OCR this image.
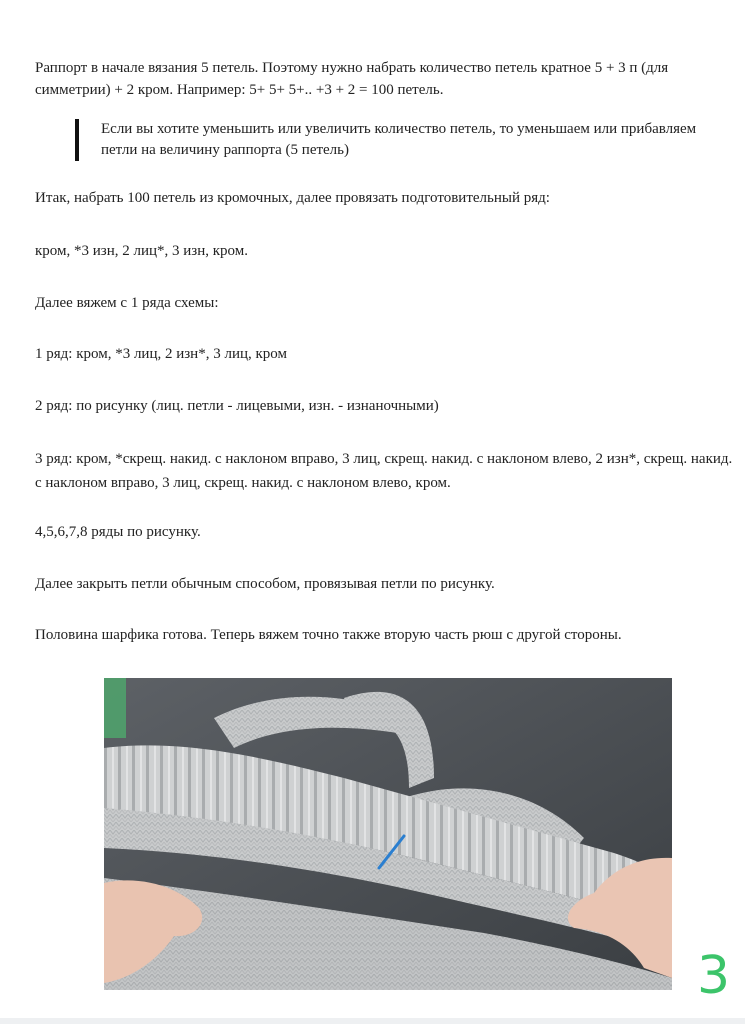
Раппорт в начале вязания 5 петель. Поэтому нужно набрать количество петель кратное 5 + 3 п (для симметрии) + 2 кром. Например: 5+ 5+ 5+.. +3 + 2 = 100 петель.

Если вы хотите уменьшить или увеличить количество петель, то уменьшаем или прибавляем петли на величину раппорта (5 петель)

Итак, набрать 100 петель из кромочных, далее провязать подготовительный ряд:

кром, *3 изн, 2 лиц*, 3 изн, кром.

Далее вяжем с 1 ряда схемы:

1 ряд: кром, *3 лиц, 2 изн*, 3 лиц, кром

2 ряд: по рисунку (лиц. петли - лицевыми, изн. - изнаночными)

3 ряд: кром, *скрещ. накид. с наклоном вправо, 3 лиц, скрещ. накид. с наклоном влево, 2 изн*, скрещ. накид. с наклоном вправо, 3 лиц, скрещ. накид. с наклоном влево, кром.

4,5,6,7,8 ряды по рисунку.

Далее закрыть петли обычным способом, провязывая петли по рисунку.

Половина шарфика готова. Теперь вяжем точно также вторую часть рюш с другой стороны.

3
